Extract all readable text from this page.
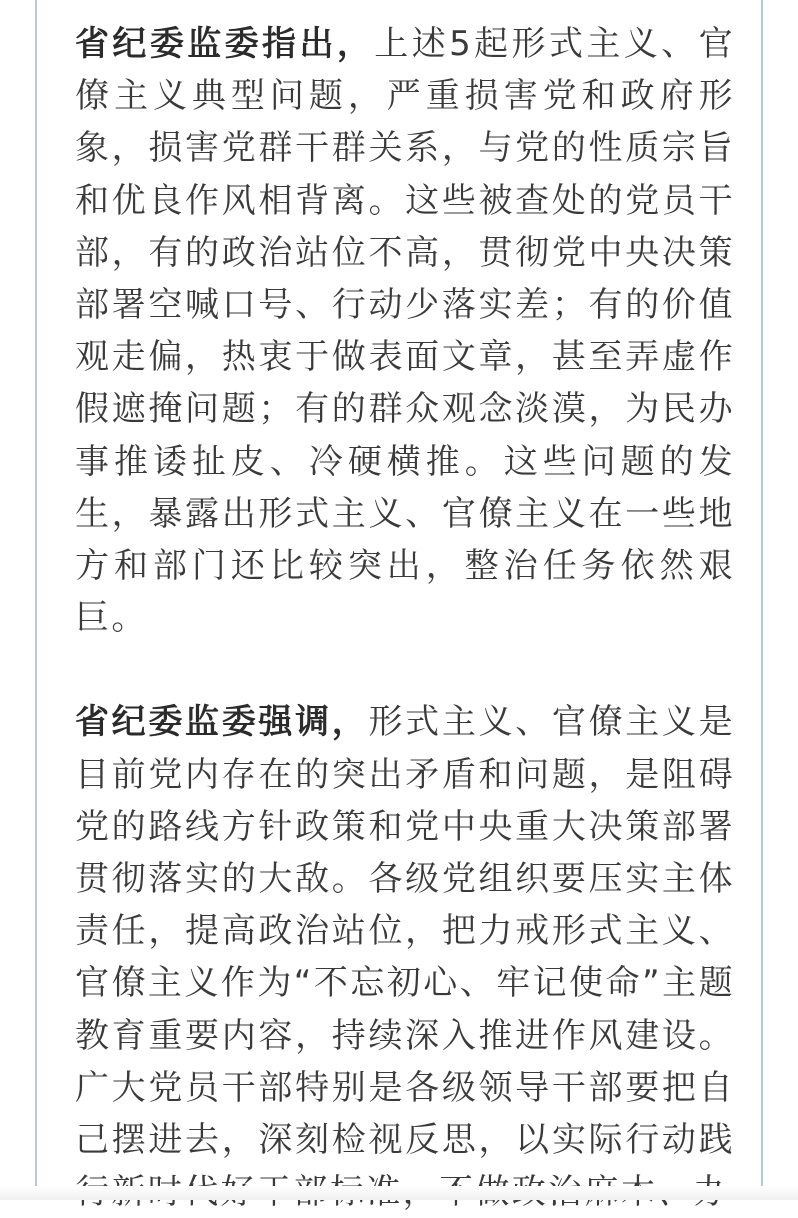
省纪委监委指出，上述5起形式主义、官僚主义典型问题，严重损害党和政府形象，损害党群干群关系，与党的性质宗旨和优良作风相背离。这些被查处的党员干部，有的政治站位不高，贯彻党中央决策部署空喊口号、行动少落实差；有的价值观走偏，热衷于做表面文章，甚至弄虚作假遮掩问题；有的群众观念淡漠，为民办事推诿扯皮、冷硬横推。这些问题的发生，暴露出形式主义、官僚主义在一些地方和部门还比较突出，整治任务依然艰巨。

省纪委监委强调，形式主义、官僚主义是目前党内存在的突出矛盾和问题，是阻碍党的路线方针政策和党中央重大决策部署贯彻落实的大敌。各级党组织要压实主体责任，提高政治站位，把力戒形式主义、官僚主义作为“不忘初心、牢记使命”主题教育重要内容，持续深入推进作风建设。广大党员干部特别是各级领导干部要把自己摆进去，深刻检视反思，以实际行动践
